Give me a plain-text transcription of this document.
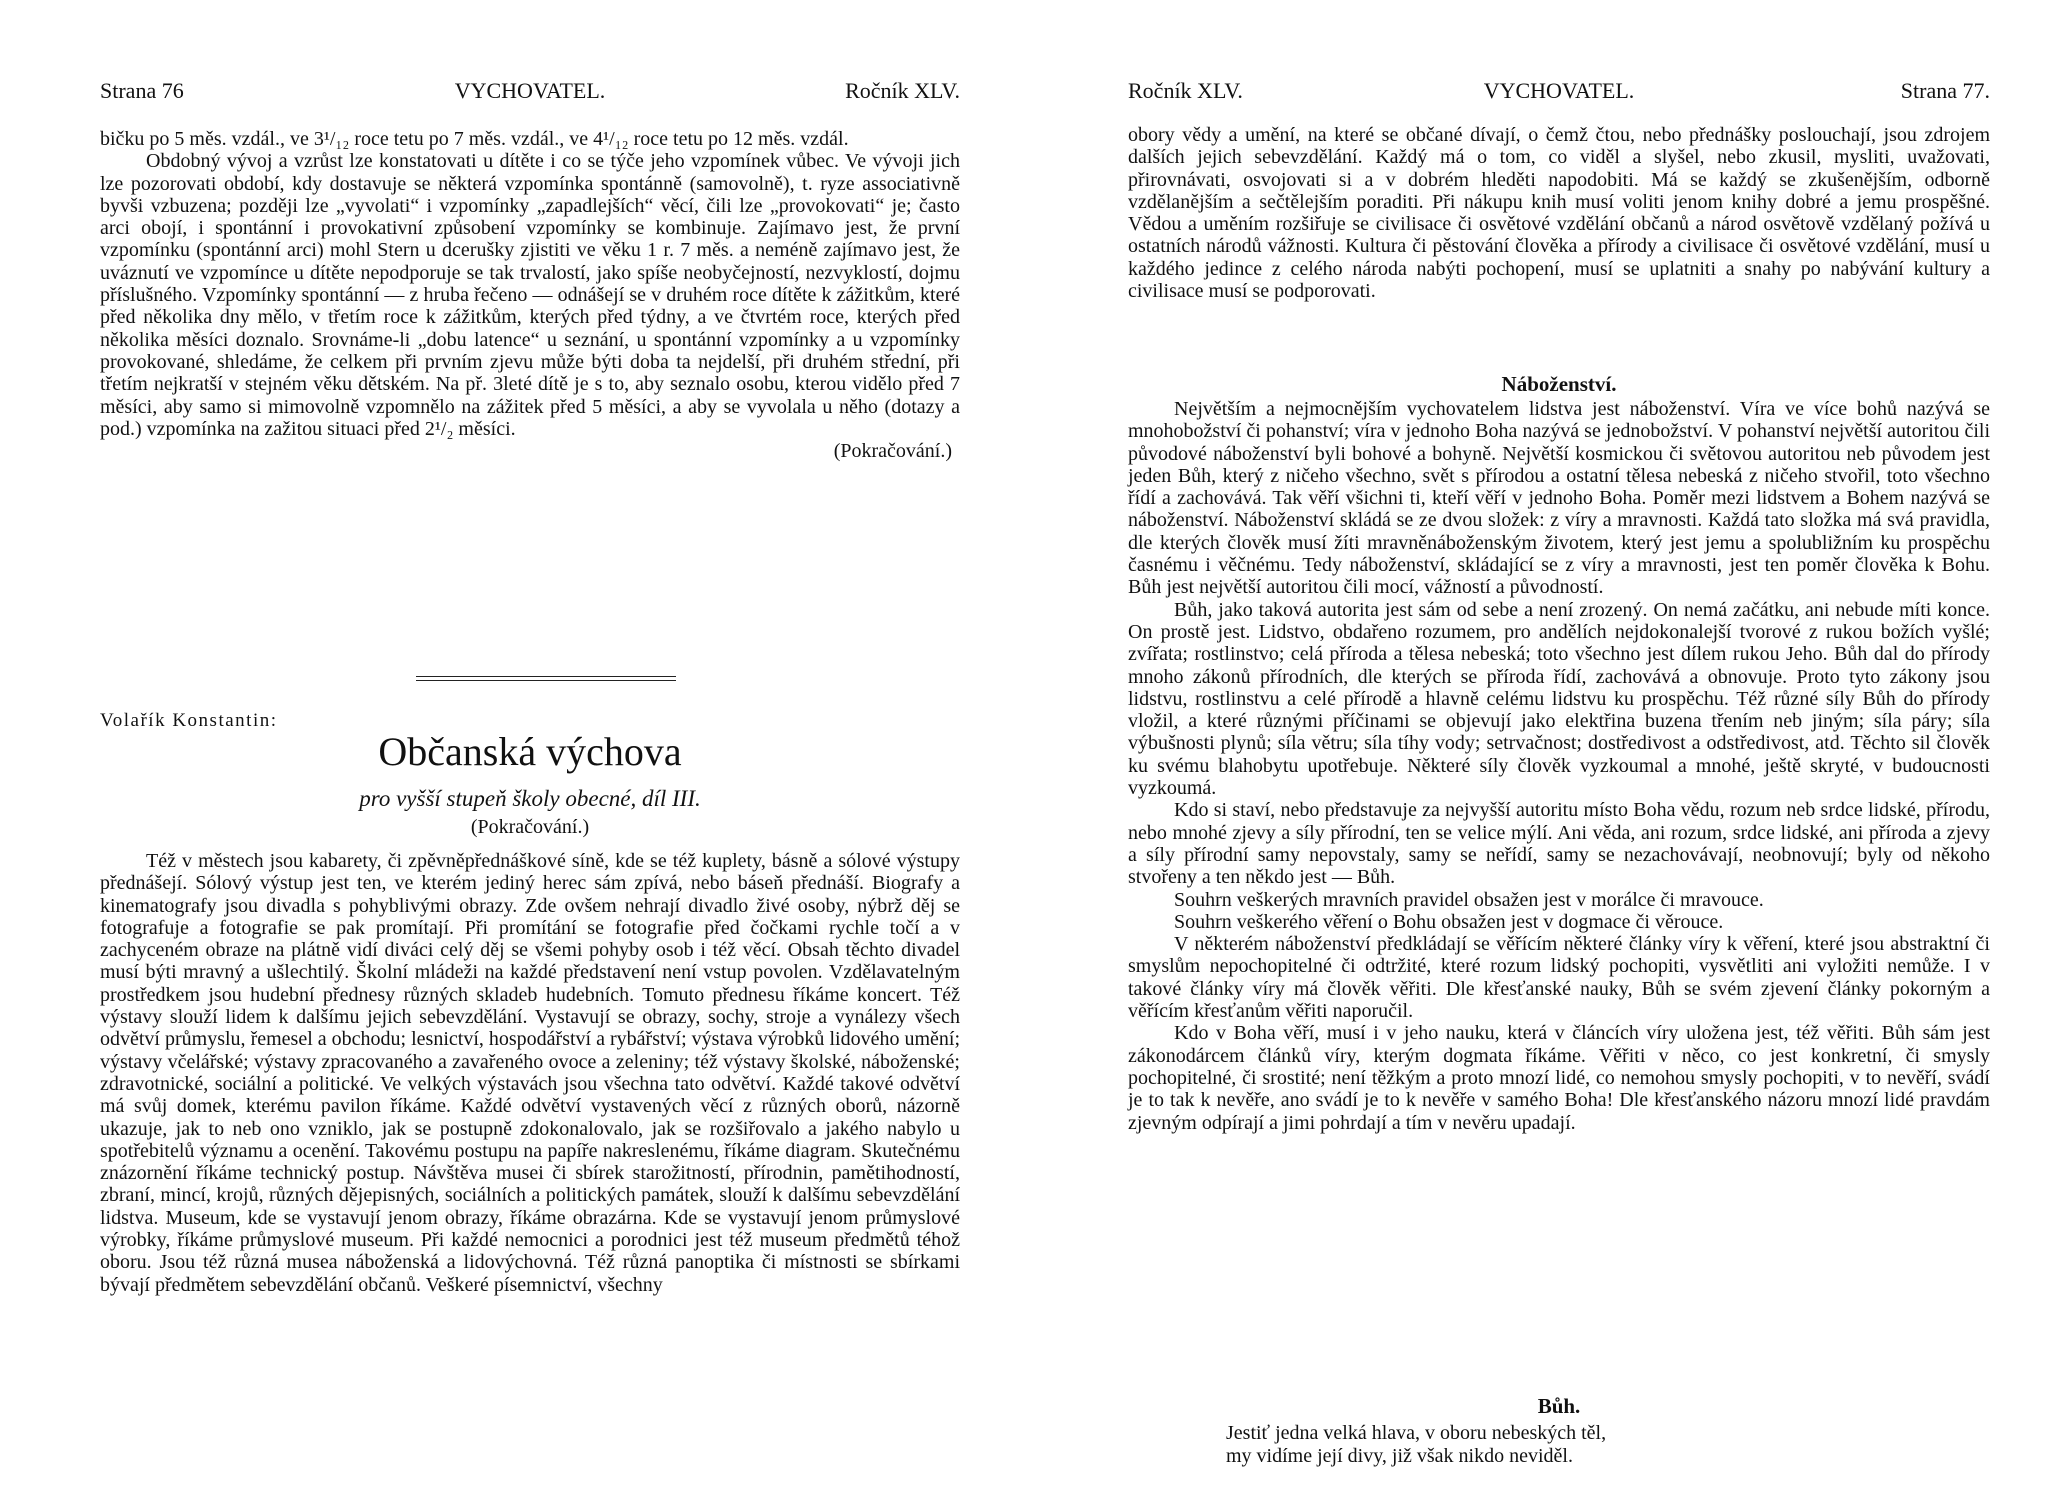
Strana 76	VYCHOVATEL.	Ročník XLV.

bičku po 5 měs. vzdál., ve 3¹/₁₂ roce tetu po 7 měs. vzdál., ve 4¹/₁₂ roce tetu po 12 měs. vzdál.

Obdobný vývoj a vzrůst lze konstatovati u dítěte i co se týče jeho vzpomínek vůbec. Ve vývoji jich lze pozorovati období, kdy dostavuje se některá vzpomínka spontánně (samovolně), t. ryze associativně byvši vzbuzena; později lze „vyvolati“ i vzpomínky „zapadlejších“ věcí, čili lze „provokovati“ je; často arci obojí, i spontánní i provokativní způsobení vzpomínky se kombinuje. Zajímavo jest, že první vzpomínku (spontánní arci) mohl Stern u dcerušky zjistiti ve věku 1 r. 7 měs. a neméně zajímavo jest, že uváznutí ve vzpomínce u dítěte nepodporuje se tak trvalostí, jako spíše neobyčejností, nezvyklostí, dojmu příslušného. Vzpomínky spontánní — z hruba řečeno — odnášejí se v druhém roce dítěte k zážitkům, které před několika dny mělo, v třetím roce k zážitkům, kterých před týdny, a ve čtvrtém roce, kterých před několika měsíci doznalo. Srovnáme-li „dobu latence“ u seznání, u spontánní vzpomínky a u vzpomínky provokované, shledáme, že celkem při prvním zjevu může býti doba ta nejdelší, při druhém střední, při třetím nejkratší v stejném věku dětském. Na př. 3leté dítě je s to, aby seznalo osobu, kterou vidělo před 7 měsíci, aby samo si mimovolně vzpomnělo na zážitek před 5 měsíci, a aby se vyvolala u něho (dotazy a pod.) vzpomínka na zažitou situaci před 2¹/₂ měsíci.

(Pokračování.)

Volařík Konstantin:
Občanská výchova
pro vyšší stupeň školy obecné, díl III.
(Pokračování.)

Též v městech jsou kabarety, či zpěvněpřednáškové síně, kde se též kuplety, básně a sólové výstupy přednášejí. Sólový výstup jest ten, ve kterém jediný herec sám zpívá, nebo báseň přednáší. Biografy a kinematografy jsou divadla s pohyblivými obrazy. Zde ovšem nehrají divadlo živé osoby, nýbrž děj se fotografuje a fotografie se pak promítají. Při promítání se fotografie před čočkami rychle točí a v zachyceném obraze na plátně vidí diváci celý děj se všemi pohyby osob i též věcí. Obsah těchto divadel musí býti mravný a ušlechtilý. Školní mládeži na každé představení není vstup povolen. Vzdělavatelným prostředkem jsou hudební přednesy různých skladeb hudebních. Tomuto přednesu říkáme koncert. Též výstavy slouží lidem k dalšímu jejich sebevzdělání. Vystavují se obrazy, sochy, stroje a vynálezy všech odvětví průmyslu, řemesel a obchodu; lesnictví, hospodářství a rybářství; výstava výrobků lidového umění; výstavy včelářské; výstavy zpracovaného a zavařeného ovoce a zeleniny; též výstavy školské, náboženské; zdravotnické, sociální a politické. Ve velkých výstavách jsou všechna tato odvětví. Každé takové odvětví má svůj domek, kterému pavilon říkáme. Každé odvětví vystavených věcí z různých oborů, názorně ukazuje, jak to neb ono vzniklo, jak se postupně zdokonalovalo, jak se rozšiřovalo a jakého nabylo u spotřebitelů významu a ocenění. Takovému postupu na papíře nakreslenému, říkáme diagram. Skutečnému znázornění říkáme technický postup. Návštěva musei či sbírek starožitností, přírodnin, pamětihodností, zbraní, mincí, krojů, různých dějepisných, sociálních a politických památek, slouží k dalšímu sebevzdělání lidstva. Museum, kde se vystavují jenom obrazy, říkáme obrazárna. Kde se vystavují jenom průmyslové výrobky, říkáme průmyslové museum. Při každé nemocnici a porodnici jest též museum předmětů téhož oboru. Jsou též různá musea náboženská a lidovýchovná. Též různá panoptika či místnosti se sbírkami bývají předmětem sebevzdělání občanů. Veškeré písemnictví, všechny

Ročník XLV.	VYCHOVATEL.	Strana 77.

obory vědy a umění, na které se občané dívají, o čemž čtou, nebo přednášky poslouchají, jsou zdrojem dalších jejich sebevzdělání. Každý má o tom, co viděl a slyšel, nebo zkusil, mysliti, uvažovati, přirovnávati, osvojovati si a v dobrém hleděti napodobiti. Má se každý se zkušenějším, odborně vzdělanějším a sečtělejším poraditi. Při nákupu knih musí voliti jenom knihy dobré a jemu prospěšné. Vědou a uměním rozšiřuje se civilisace či osvětové vzdělání občanů a národ osvětově vzdělaný požívá u ostatních národů vážnosti. Kultura či pěstování člověka a přírody a civilisace či osvětové vzdělání, musí u každého jedince z celého národa nabýti pochopení, musí se uplatniti a snahy po nabývání kultury a civilisace musí se podporovati.

Náboženství.

Největším a nejmocnějším vychovatelem lidstva jest náboženství. Víra ve více bohů nazývá se mnohobožství či pohanství; víra v jednoho Boha nazývá se jednobožství. V pohanství největší autoritou čili původové náboženství byli bohové a bohyně. Největší kosmickou či světovou autoritou neb původem jest jeden Bůh, který z ničeho všechno, svět s přírodou a ostatní tělesa nebeská z ničeho stvořil, toto všechno řídí a zachovává. Tak věří všichni ti, kteří věří v jednoho Boha. Poměr mezi lidstvem a Bohem nazývá se náboženství. Náboženství skládá se ze dvou složek: z víry a mravnosti. Každá tato složka má svá pravidla, dle kterých člověk musí žíti mravněnáboženským životem, který jest jemu a spolubližním ku prospěchu časnému i věčnému. Tedy náboženství, skládající se z víry a mravnosti, jest ten poměr člověka k Bohu. Bůh jest největší autoritou čili mocí, vážností a původností.

Bůh, jako taková autorita jest sám od sebe a není zrozený. On nemá začátku, ani nebude míti konce. On prostě jest. Lidstvo, obdařeno rozumem, pro andělích nejdokonalejší tvorové z rukou božích vyšlé; zvířata; rostlinstvo; celá příroda a tělesa nebeská; toto všechno jest dílem rukou Jeho. Bůh dal do přírody mnoho zákonů přírodních, dle kterých se příroda řídí, zachovává a obnovuje. Proto tyto zákony jsou lidstvu, rostlinstvu a celé přírodě a hlavně celému lidstvu ku prospěchu. Též různé síly Bůh do přírody vložil, a které různými příčinami se objevují jako elektřina buzena třením neb jiným; síla páry; síla výbušnosti plynů; síla větru; síla tíhy vody; setrvačnost; dostředivost a odstředivost, atd. Těchto sil člověk ku svému blahobytu upotřebuje. Některé síly člověk vyzkoumal a mnohé, ještě skryté, v budoucnosti vyzkoumá.

Kdo si staví, nebo představuje za nejvyšší autoritu místo Boha vědu, rozum neb srdce lidské, přírodu, nebo mnohé zjevy a síly přírodní, ten se velice mýlí. Ani věda, ani rozum, srdce lidské, ani příroda a zjevy a síly přírodní samy nepovstaly, samy se neřídí, samy se nezachovávají, neobnovují; byly od někoho stvořeny a ten někdo jest — Bůh.

Souhrn veškerých mravních pravidel obsažen jest v morálce či mravouce.

Souhrn veškerého věření o Bohu obsažen jest v dogmace či věrouce.

V některém náboženství předkládají se věřícím některé články víry k věření, které jsou abstraktní či smyslům nepochopitelné či odtržité, které rozum lidský pochopiti, vysvětliti ani vyložiti nemůže. I v takové články víry má člověk věřiti. Dle křesťanské nauky, Bůh se svém zjevení články pokorným a věřícím křesťanům věřiti naporučil.

Kdo v Boha věří, musí i v jeho nauku, která v článcích víry uložena jest, též věřiti. Bůh sám jest zákonodárcem článků víry, kterým dogmata říkáme. Věřiti v něco, co jest konkretní, či smysly pochopitelné, či srostité; není těžkým a proto mnozí lidé, co nemohou smysly pochopiti, v to nevěří, svádí je to tak k nevěře, ano svádí je to k nevěře v samého Boha! Dle křesťanského názoru mnozí lidé pravdám zjevným odpírají a jimi pohrdají a tím v nevěru upadají.

Bůh.
Jestiť jedna velká hlava, v oboru nebeských těl,
my vidíme její divy, již však nikdo neviděl.
